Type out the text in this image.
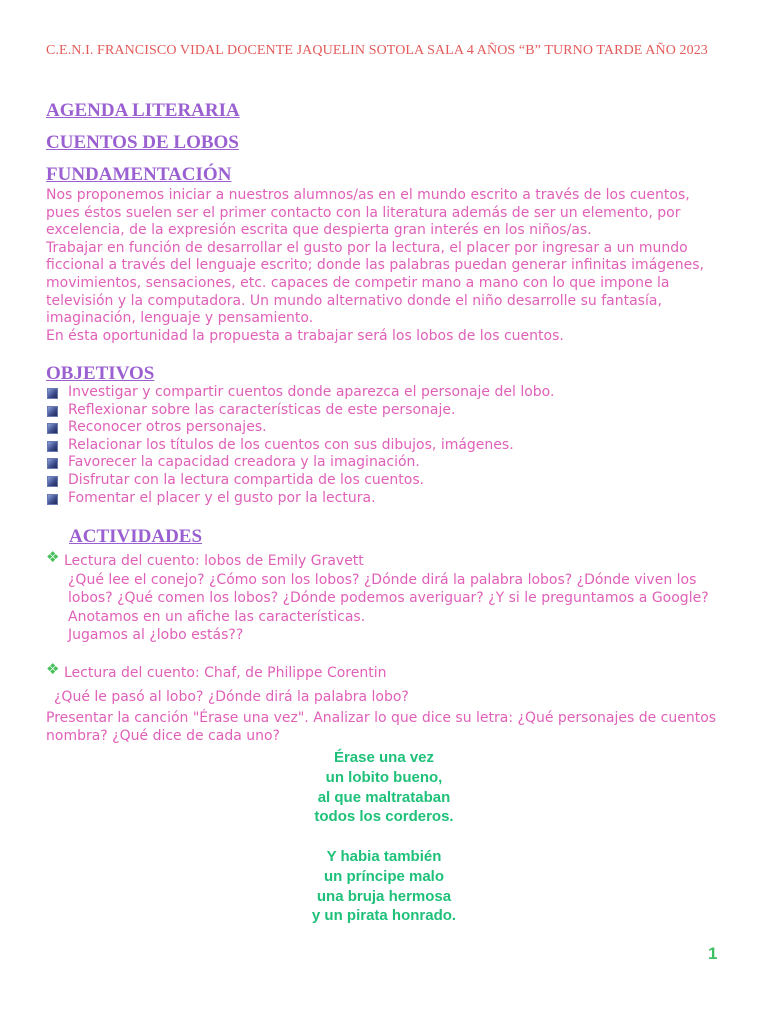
C.E.N.I. FRANCISCO VIDAL DOCENTE JAQUELIN SOTOLA SALA 4 AÑOS “B” TURNO TARDE AÑO 2023
AGENDA LITERARIA
CUENTOS DE LOBOS
FUNDAMENTACIÓN

Nos proponemos iniciar a nuestros alumnos/as en el mundo escrito a través de los cuentos, pues éstos suelen ser el primer contacto con la literatura además de ser un elemento, por excelencia, de la expresión escrita que despierta gran interés en los niños/as.

Trabajar en función de desarrollar el gusto por la lectura, el placer por ingresar a un mundo ficcional a través del lenguaje escrito; donde las palabras puedan generar infinitas imágenes, movimientos, sensaciones, etc. capaces de competir mano a mano con lo que impone la televisión y la computadora. Un mundo alternativo donde el niño desarrolle su fantasía, imaginación, lenguaje y pensamiento.

En ésta oportunidad la propuesta a trabajar será los lobos de los cuentos.

OBJETIVOS
Investigar y compartir cuentos donde aparezca el personaje del lobo.
Reflexionar sobre las características de este personaje.
Reconocer otros personajes.
Relacionar los títulos de los cuentos con sus dibujos, imágenes.
Favorecer la capacidad creadora y la imaginación.
Disfrutar con la lectura compartida de los cuentos.
Fomentar el placer y el gusto por la lectura.
ACTIVIDADES
❖ Lectura del cuento: lobos de Emily Gravett
¿Qué lee el conejo? ¿Cómo son los lobos? ¿Dónde dirá la palabra lobos? ¿Dónde viven los lobos? ¿Qué comen los lobos? ¿Dónde podemos averiguar? ¿Y si le preguntamos a Google?
Anotamos en un afiche las características.
Jugamos al ¿lobo estás??
❖ Lectura del cuento: Chaf, de Philippe Corentin
¿Qué le pasó al lobo? ¿Dónde dirá la palabra lobo?
Presentar la canción "Érase una vez". Analizar lo que dice su letra: ¿Qué personajes de cuentos nombra? ¿Qué dice de cada uno?
Érase una vez
un lobito bueno,
al que maltrataban
todos los corderos.
Y habia también
un príncipe malo
una bruja hermosa
y un pirata honrado.
1
